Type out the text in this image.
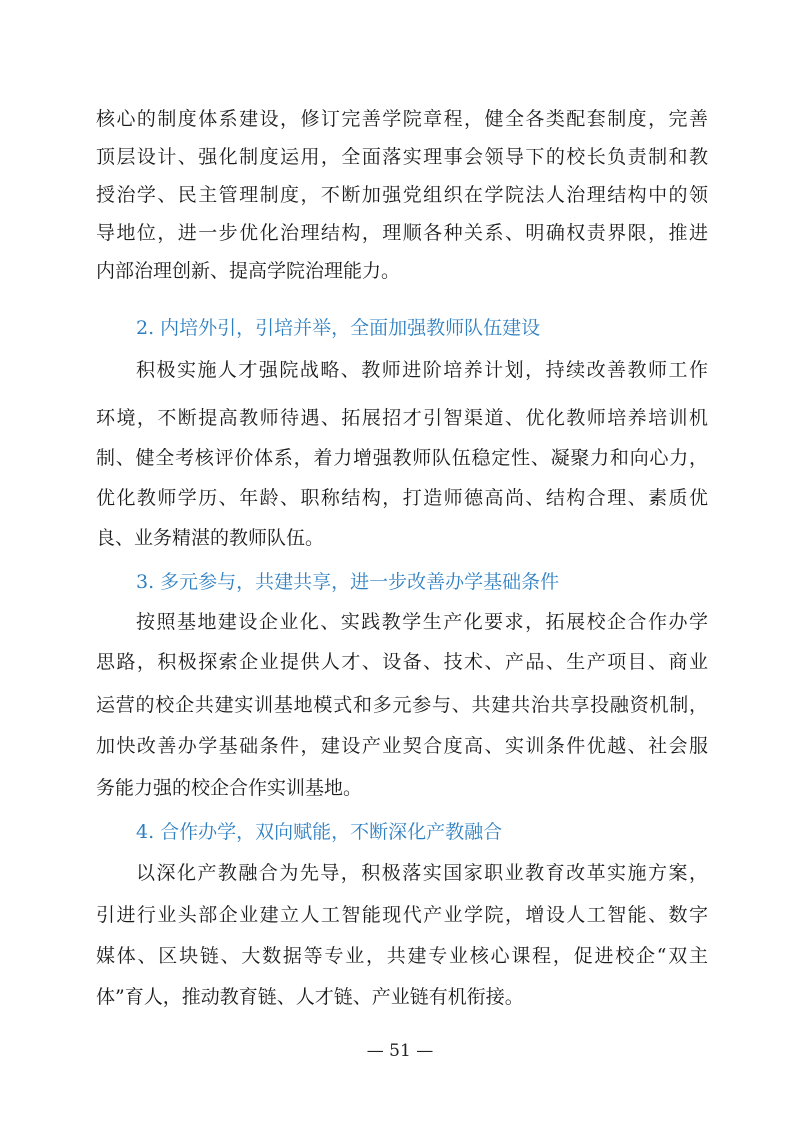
核心的制度体系建设，修订完善学院章程，健全各类配套制度，完善
顶层设计、强化制度运用，全面落实理事会领导下的校长负责制和教
授治学、民主管理制度，不断加强党组织在学院法人治理结构中的领
导地位，进一步优化治理结构，理顺各种关系、明确权责界限，推进
内部治理创新、提高学院治理能力。
2. 内培外引，引培并举，全面加强教师队伍建设
积极实施人才强院战略、教师进阶培养计划，持续改善教师工作
环境，不断提高教师待遇、拓展招才引智渠道、优化教师培养培训机
制、健全考核评价体系，着力增强教师队伍稳定性、凝聚力和向心力，
优化教师学历、年龄、职称结构，打造师德高尚、结构合理、素质优
良、业务精湛的教师队伍。
3. 多元参与，共建共享，进一步改善办学基础条件
按照基地建设企业化、实践教学生产化要求，拓展校企合作办学
思路，积极探索企业提供人才、设备、技术、产品、生产项目、商业
运营的校企共建实训基地模式和多元参与、共建共治共享投融资机制，
加快改善办学基础条件，建设产业契合度高、实训条件优越、社会服
务能力强的校企合作实训基地。
4. 合作办学，双向赋能，不断深化产教融合
以深化产教融合为先导，积极落实国家职业教育改革实施方案，
引进行业头部企业建立人工智能现代产业学院，增设人工智能、数字
媒体、区块链、大数据等专业，共建专业核心课程，促进校企“双主
体”育人，推动教育链、人才链、产业链有机衔接。
— 51 —
